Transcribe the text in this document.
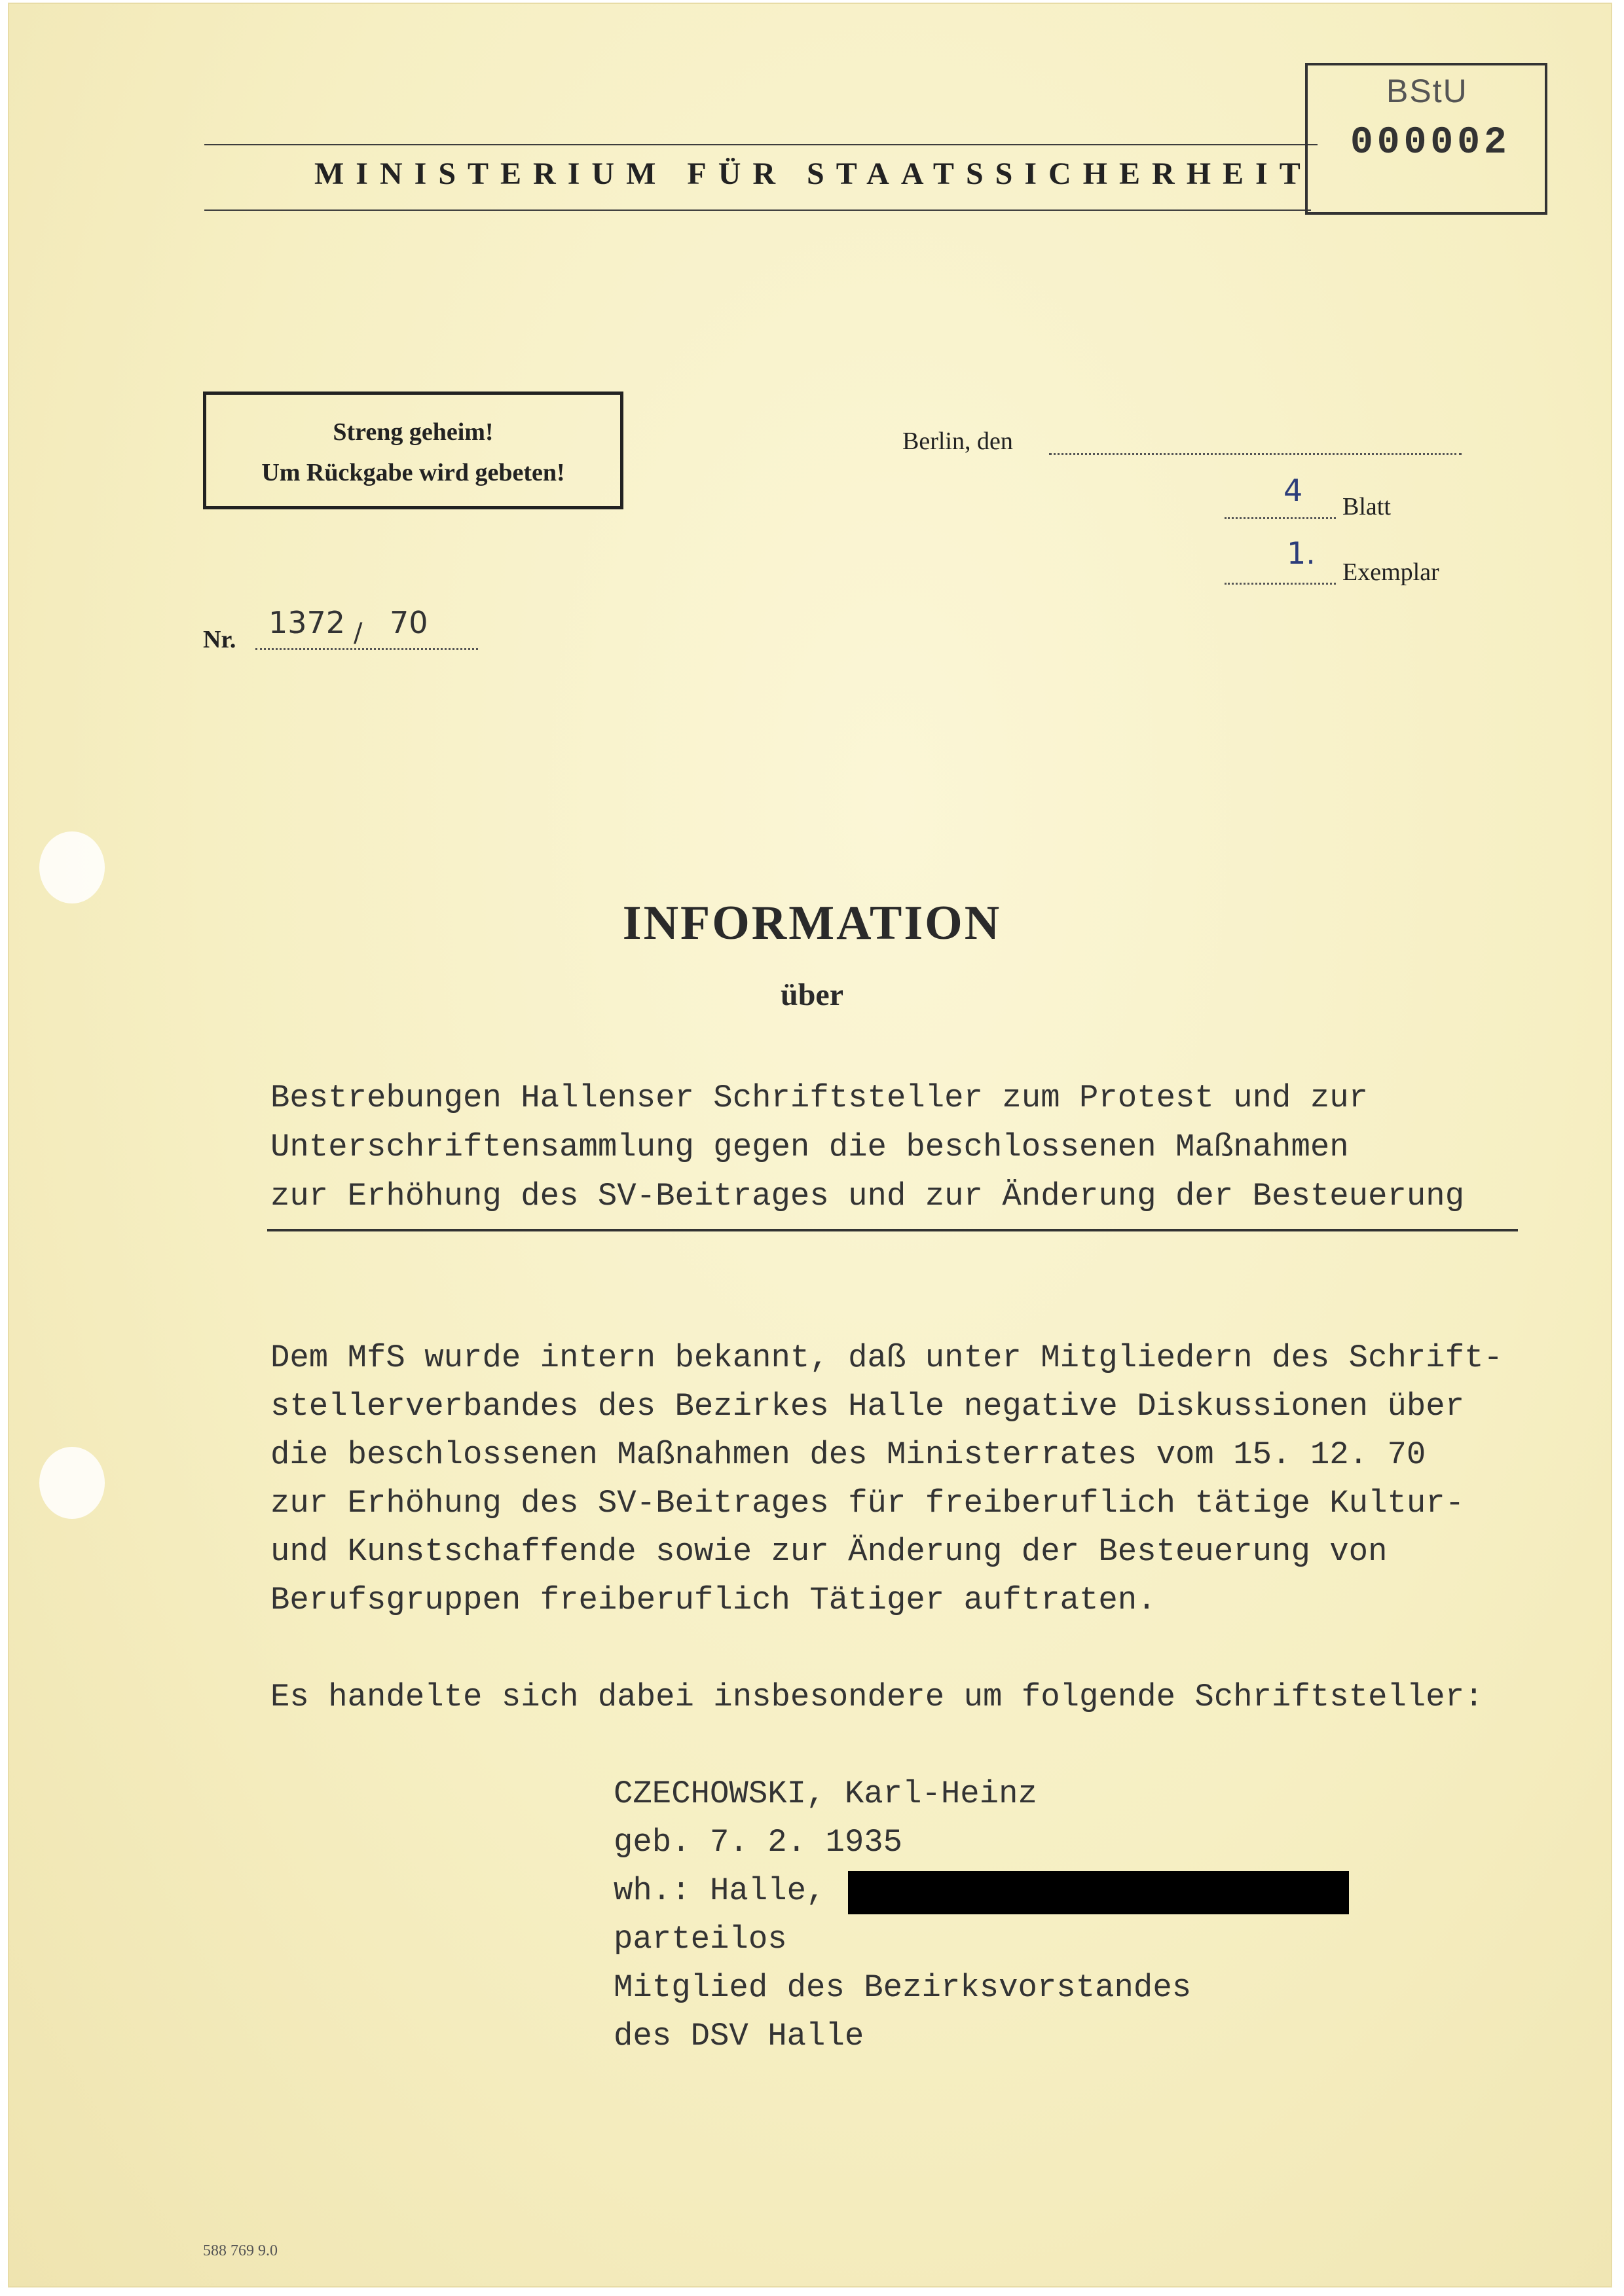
MINISTERIUM FÜR STAATSSICHERHEIT
BStU
000002
Streng geheim!
Um Rückgabe wird gebeten!
Berlin, den
4 Blatt
1.
Exemplar
Nr. 1372 / 70
INFORMATION
über
Bestrebungen Hallenser Schriftsteller zum Protest und zur
Unterschriftensammlung gegen die beschlossenen Maßnahmen
zur Erhöhung des SV-Beitrages und zur Änderung der Besteuerung
Dem MfS wurde intern bekannt, daß unter Mitgliedern des Schrift-
stellerverbandes des Bezirkes Halle negative Diskussionen über
die beschlossenen Maßnahmen des Ministerrates vom 15. 12. 70
zur Erhöhung des SV-Beitrages für freiberuflich tätige Kultur-
und Kunstschaffende sowie zur Änderung der Besteuerung von
Berufsgruppen freiberuflich Tätiger auftraten.
Es handelte sich dabei insbesondere um folgende Schriftsteller:
CZECHOWSKI, Karl-Heinz
geb. 7. 2. 1935
wh.: Halle,
parteilos
Mitglied des Bezirksvorstandes
des DSV Halle
588 769 9.0
